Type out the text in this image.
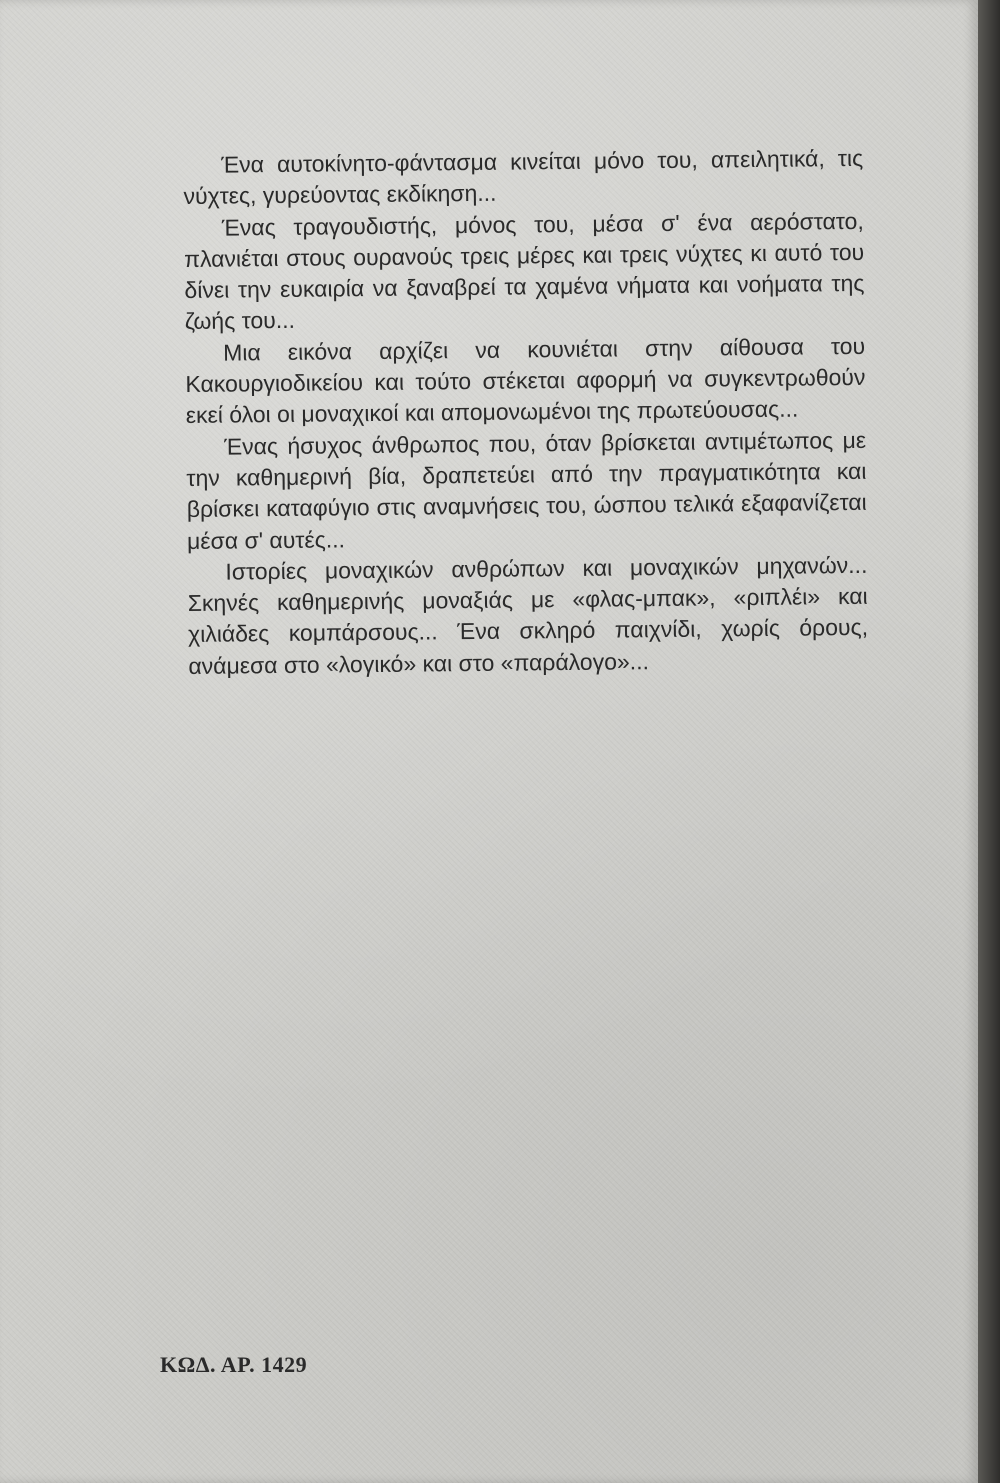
Ένα αυτοκίνητο-φάντασμα κινείται μόνο του, απειλητικά, τις νύχτες, γυρεύοντας εκδίκηση...

Ένας τραγουδιστής, μόνος του, μέσα σ' ένα αερόστατο, πλανιέται στους ουρανούς τρεις μέρες και τρεις νύχτες κι αυτό του δίνει την ευκαιρία να ξαναβρεί τα χαμένα νήματα και νοήματα της ζωής του...

Μια εικόνα αρχίζει να κουνιέται στην αίθουσα του Κακουργιοδικείου και τούτο στέκεται αφορμή να συγκεντρωθούν εκεί όλοι οι μοναχικοί και απομονωμένοι της πρωτεύουσας...

Ένας ήσυχος άνθρωπος που, όταν βρίσκεται αντιμέτωπος με την καθημερινή βία, δραπετεύει από την πραγματικότητα και βρίσκει καταφύγιο στις αναμνήσεις του, ώσπου τελικά εξαφανίζεται μέσα σ' αυτές...

Ιστορίες μοναχικών ανθρώπων και μοναχικών μηχανών... Σκηνές καθημερινής μοναξιάς με «φλας-μπακ», «ριπλέι» και χιλιάδες κομπάρσους... Ένα σκληρό παιχνίδι, χωρίς όρους, ανάμεσα στο «λογικό» και στο «παράλογο»...

ΚΩΔ. ΑΡ. 1429
